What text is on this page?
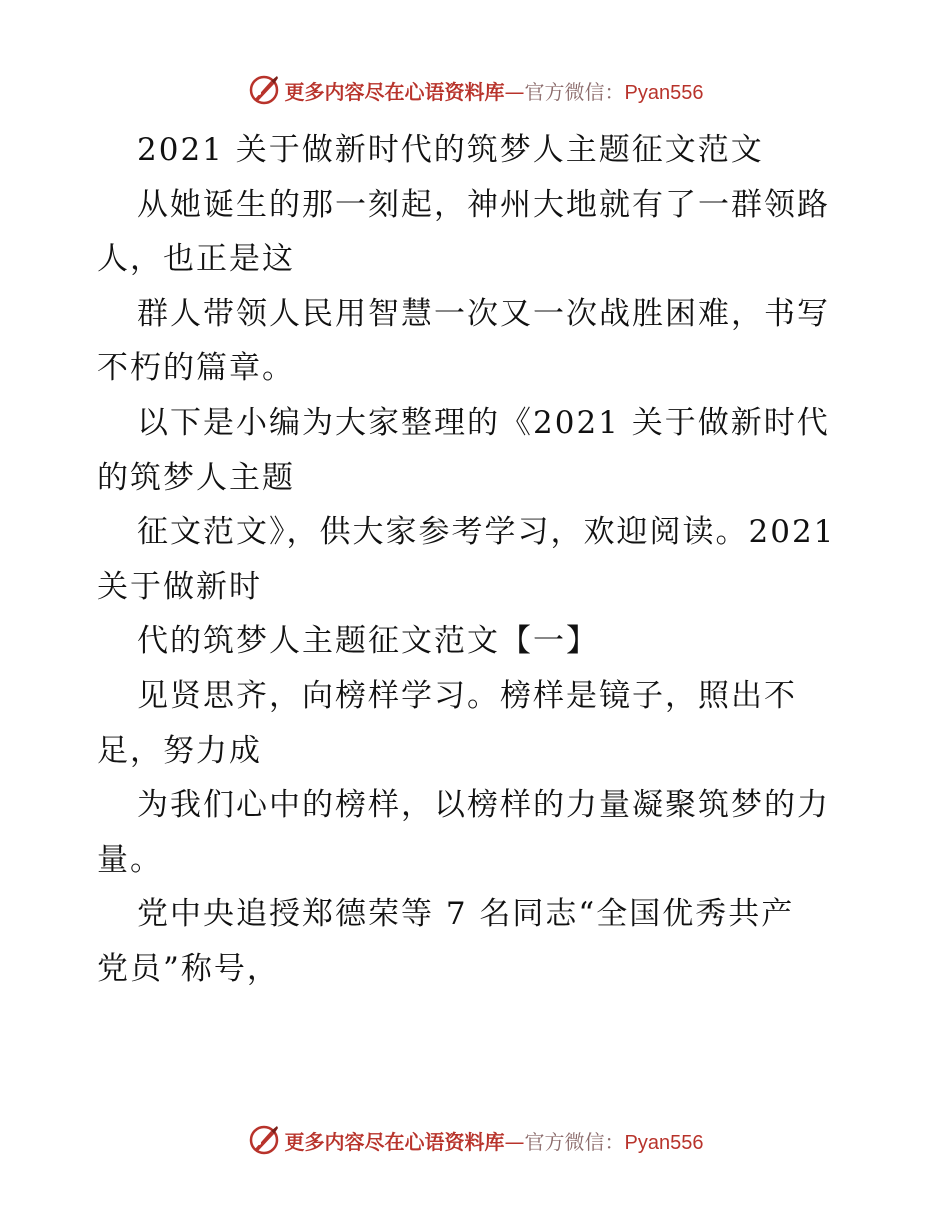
更多内容尽在心语资料库—官方微信：Pyan556
2021 关于做新时代的筑梦人主题征文范文
从她诞生的那一刻起，神州大地就有了一群领路
人，也正是这
群人带领人民用智慧一次又一次战胜困难，书写
不朽的篇章。
以下是小编为大家整理的《2021 关于做新时代
的筑梦人主题
征文范文》，供大家参考学习，欢迎阅读。2021
关于做新时
代的筑梦人主题征文范文【一】
见贤思齐，向榜样学习。榜样是镜子，照出不
足，努力成
为我们心中的榜样，以榜样的力量凝聚筑梦的力
量。
党中央追授郑德荣等 7 名同志“全国优秀共产
党员”称号，
更多内容尽在心语资料库—官方微信：Pyan556
